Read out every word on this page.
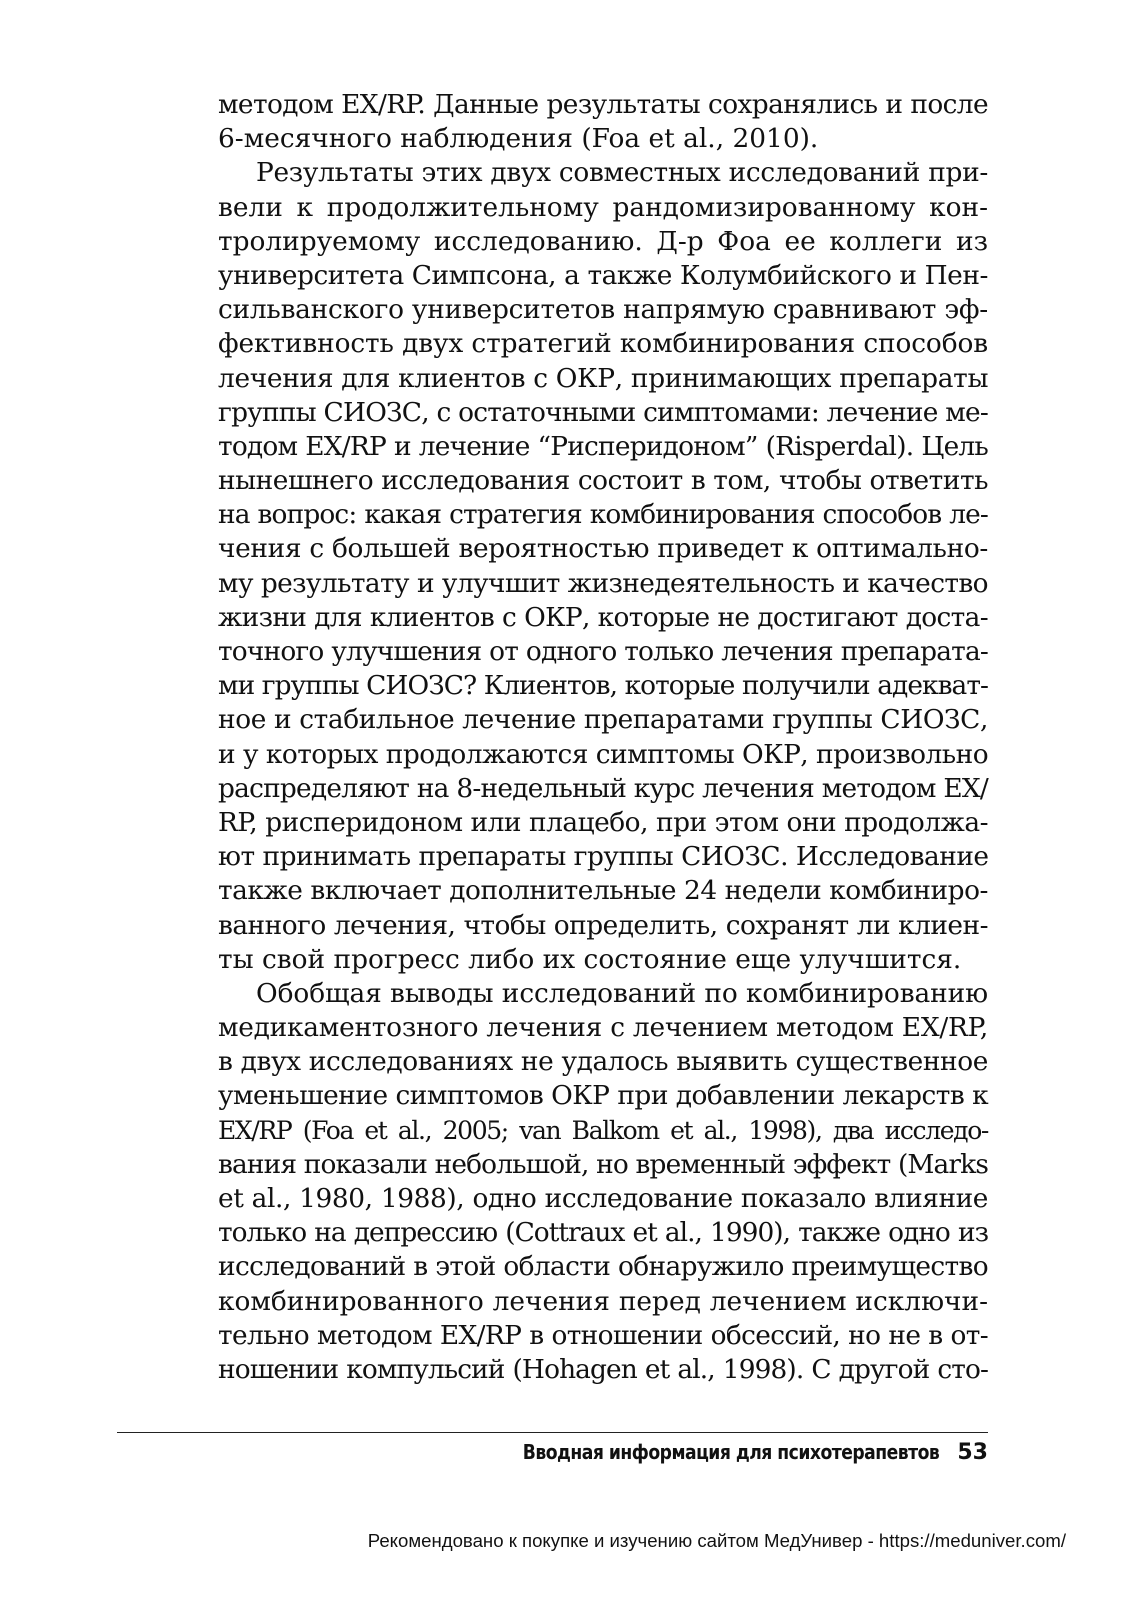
методом EX/RP. Данные результаты сохранялись и после
6-месячного наблюдения (Foa et al., 2010).
Результаты этих двух совместных исследований при-
вели к продолжительному рандомизированному кон-
тролируемому исследованию. Д-р Фоа ее коллеги из
университета Симпсона, а также Колумбийского и Пен-
сильванского университетов напрямую сравнивают эф-
фективность двух стратегий комбинирования способов
лечения для клиентов с ОКР, принимающих препараты
группы СИОЗС, с остаточными симптомами: лечение ме-
тодом EX/RP и лечение “Рисперидоном” (Risperdal). Цель
нынешнего исследования состоит в том, чтобы ответить
на вопрос: какая стратегия комбинирования способов ле-
чения с большей вероятностью приведет к оптимально-
му результату и улучшит жизнедеятельность и качество
жизни для клиентов с ОКР, которые не достигают доста-
точного улучшения от одного только лечения препарата-
ми группы СИОЗС? Клиентов, которые получили адекват-
ное и стабильное лечение препаратами группы СИОЗС,
и у которых продолжаются симптомы ОКР, произвольно
распределяют на 8-недельный курс лечения методом EX/
RP, рисперидоном или плацебо, при этом они продолжа-
ют принимать препараты группы СИОЗС. Исследование
также включает дополнительные 24 недели комбиниро-
ванного лечения, чтобы определить, сохранят ли клиен-
ты свой прогресс либо их состояние еще улучшится.
Обобщая выводы исследований по комбинированию
медикаментозного лечения с лечением методом EX/RP,
в двух исследованиях не удалось выявить существенное
уменьшение симптомов ОКР при добавлении лекарств к
EX/RP (Foa et al., 2005; van Balkom et al., 1998), два исследо-
вания показали небольшой, но временный эффект (Marks
et al., 1980, 1988), одно исследование показало влияние
только на депрессию (Cottraux et al., 1990), также одно из
исследований в этой области обнаружило преимущество
комбинированного лечения перед лечением исключи-
тельно методом EX/RP в отношении обсессий, но не в от-
ношении компульсий (Hohagen et al., 1998). С другой сто-
Вводная информация для психотерапевтов 53
Рекомендовано к покупке и изучению сайтом МедУнивер - https://meduniver.com/
